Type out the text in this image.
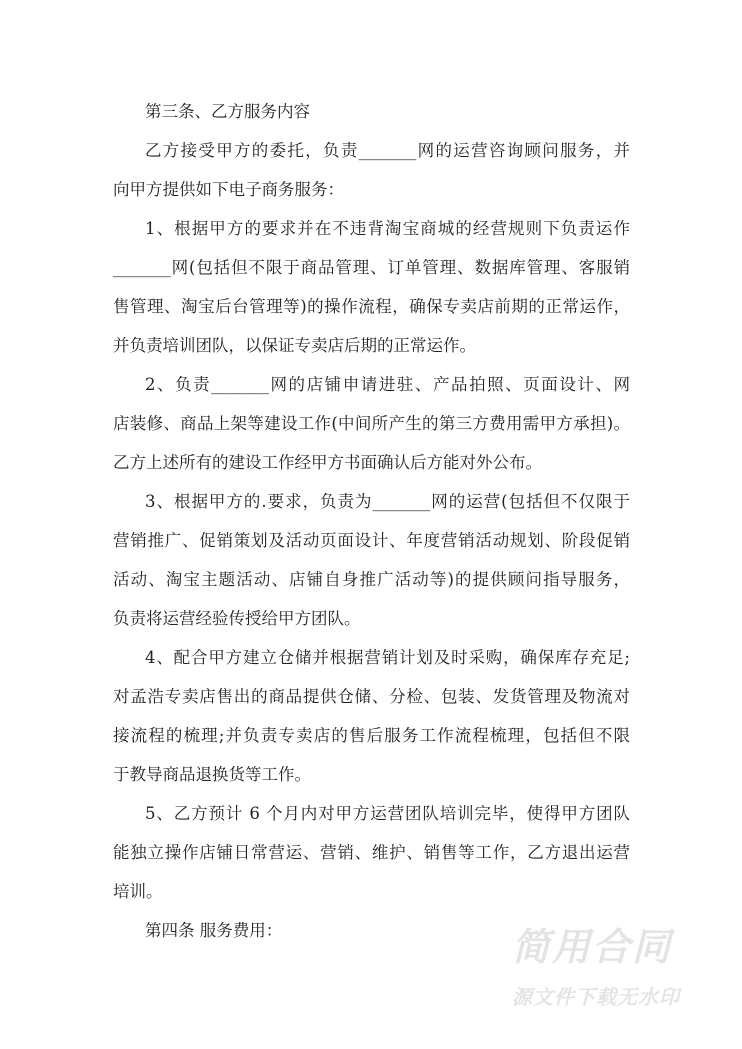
第三条、乙方服务内容
乙方接受甲方的委托，负责_______网的运营咨询顾问服务，并
向甲方提供如下电子商务服务：
1、根据甲方的要求并在不违背淘宝商城的经营规则下负责运作
_______网(包括但不限于商品管理、订单管理、数据库管理、客服销
售管理、淘宝后台管理等)的操作流程，确保专卖店前期的正常运作，
并负责培训团队，以保证专卖店后期的正常运作。
2、负责_______网的店铺申请进驻、产品拍照、页面设计、网
店装修、商品上架等建设工作(中间所产生的第三方费用需甲方承担)。
乙方上述所有的建设工作经甲方书面确认后方能对外公布。
3、根据甲方的.要求，负责为_______网的运营(包括但不仅限于
营销推广、促销策划及活动页面设计、年度营销活动规划、阶段促销
活动、淘宝主题活动、店铺自身推广活动等)的提供顾问指导服务，
负责将运营经验传授给甲方团队。
4、配合甲方建立仓储并根据营销计划及时采购，确保库存充足;
对孟浩专卖店售出的商品提供仓储、分检、包装、发货管理及物流对
接流程的梳理;并负责专卖店的售后服务工作流程梳理，包括但不限
于教导商品退换货等工作。
5、乙方预计 6 个月内对甲方运营团队培训完毕，使得甲方团队
能独立操作店铺日常营运、营销、维护、销售等工作，乙方退出运营
培训。
第四条 服务费用：	简用合同
源文件下载无水印
